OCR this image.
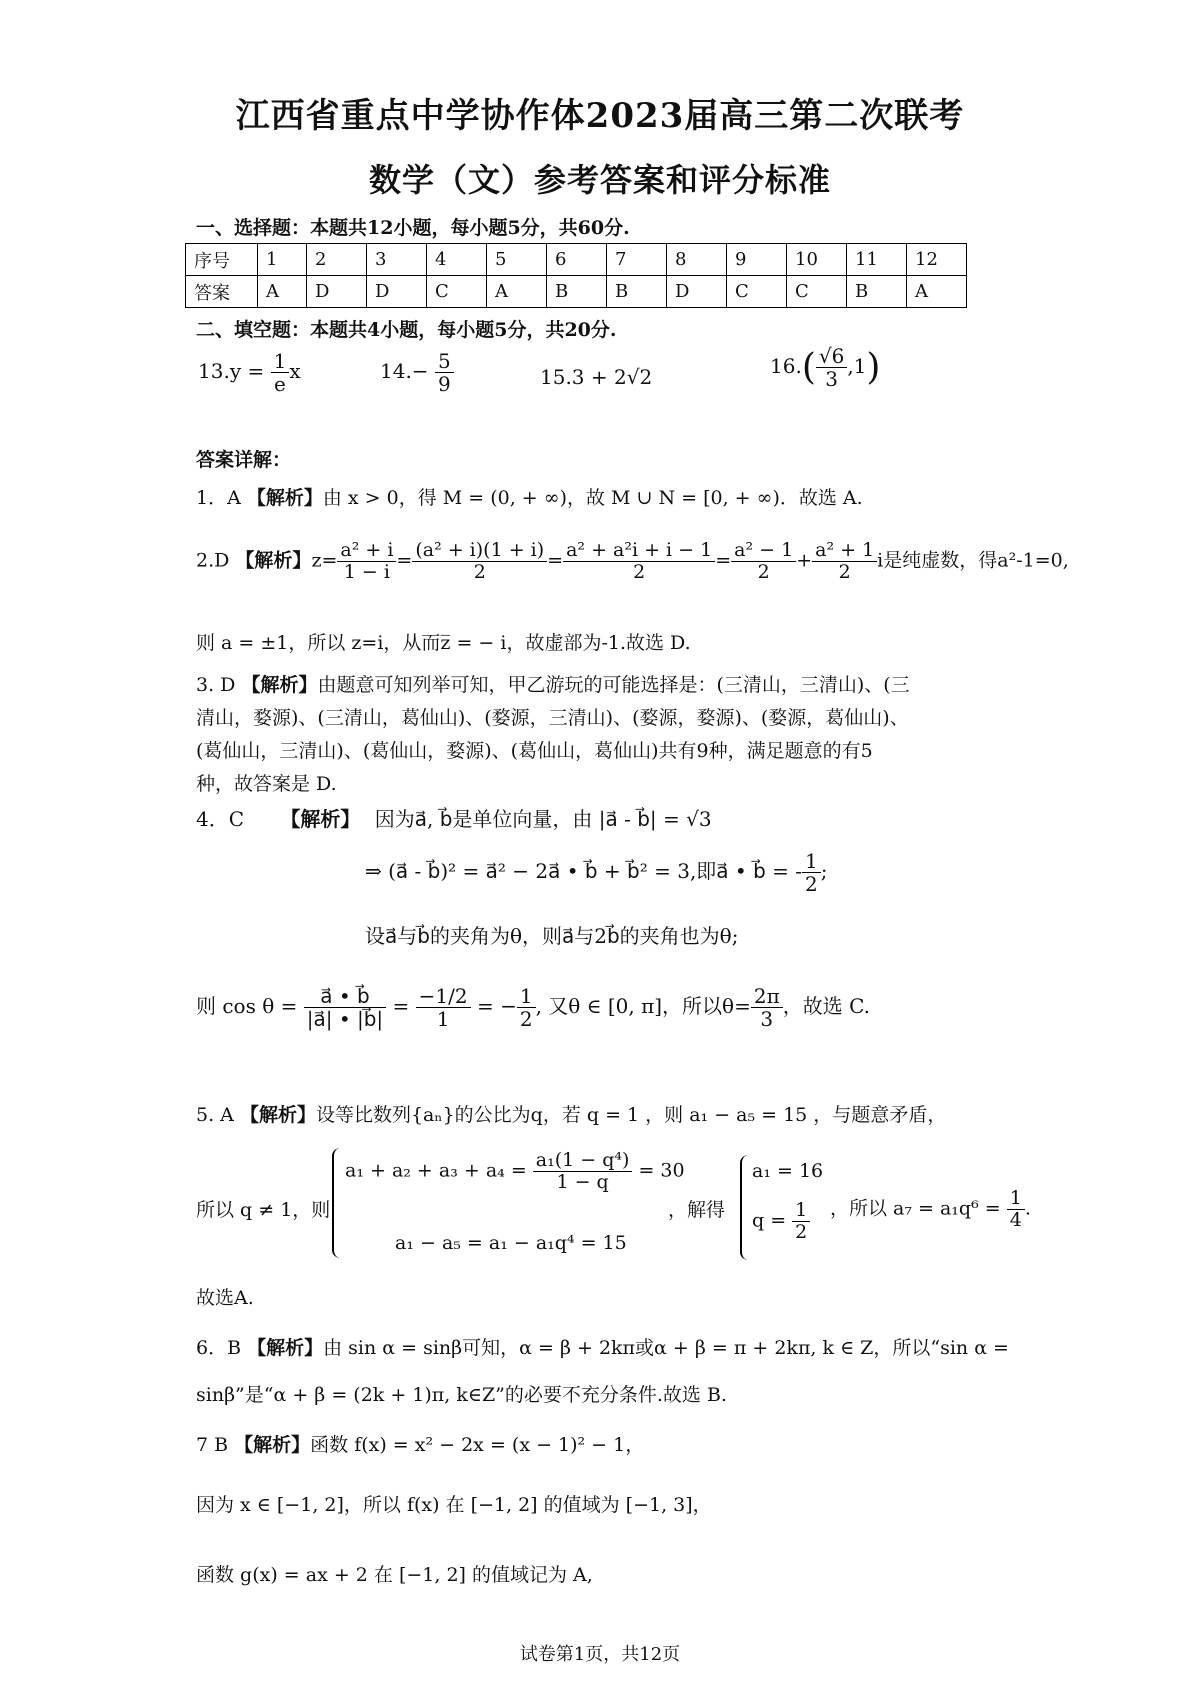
江西省重点中学协作体2023届高三第二次联考
数学（文）参考答案和评分标准
一、选择题：本题共12小题，每小题5分，共60分.
序号	1	2	3	4	5	6	7	8	9	10	11	12
答案	A	D	D	C	A	B	B	D	C	C	B	A
二、填空题：本题共4小题，每小题5分，共20分.
$13.y = \frac{1}{e}$ x	$14.- \frac{5}{9}$	15.3 + 2√2	$16.( \frac{√6}{3} ,1)$
答案详解：
1．A 【解析】由 x > 0，得 M = (0, + ∞)，故 M ∪ N = [0, + ∞)．故选 A.
2.D 【解析】$z= \frac{\text{a² + i}}{1 - i} = \frac{\text{(a² + i)(1 + i)}}{2} = \frac{\text{a² + a²i + i − 1}}{2} = \frac{\text{a² − 1}}{2} + \frac{\text{a² + 1}}{2}$ i是纯虚数，得a²-1=0,
则 a = ±1，所以 z=i，从而z̅ = − i，故虚部为-1.故选 D.
3. D 【解析】由题意可知列举可知，甲乙游玩的可能选择是：(三清山，三清山)、(三
清山，婺源)、(三清山，葛仙山)、(婺源，三清山)、(婺源，婺源)、(婺源，葛仙山)、
(葛仙山，三清山)、(葛仙山，婺源)、(葛仙山，葛仙山)共有9种，满足题意的有5
种，故答案是 D.
4．C 【解析】 因为a⃗, b⃗是单位向量，由 |a⃗ - b⃗| = √3
⇒ (a⃗ - b⃗)² = a⃗² − 2a⃗ • b⃗ + b⃗² = 3,即a⃗ • b⃗ = - $\frac{1}{2}$ ;
设a⃗与b⃗的夹角为θ，则a⃗与2b⃗的夹角也为θ;
则 $\cos \theta = \frac{a⃗ • b⃗}{|a⃗| • |b⃗|} = \frac{-1/2}{1}$ = − $\frac{1}{2}$ , 又θ ∈ [0, π]，所以$\theta= \frac{2\pi}{3}$ ，故选 C.
5. A 【解析】设等比数列{aₙ}的公比为q，若 q = 1 ，则 a₁ − a₅ = 15 ，与题意矛盾，
所以 q ≠ 1，则
$a_1 + a_2 + a_3 + a_4 = \frac{\text{a₁(1 − q⁴)}}{1 - q} = 30$
a₁ − a₅ = a₁ − a₁q⁴ = 15
，解得
a₁ = 16
$q = \frac{1}{2}$ ，所以 $a_7 = a_1q^6 = \frac{1}{4}$ .
故选A.
6．B 【解析】由 sin α = sinβ可知，α = β + 2kπ或α + β = π + 2kπ, k ∈ Z，所以“sin α =
sinβ”是“α + β = (2k + 1)π, k∈Z”的必要不充分条件.故选 B.
7 B 【解析】函数 f(x) = x² − 2x = (x − 1)² − 1，
因为 x ∈ [−1, 2]，所以 f(x) 在 [−1, 2] 的值域为 [−1, 3]，
函数 g(x) = ax + 2 在 [−1, 2] 的值域记为 A,
试卷第1页，共12页
